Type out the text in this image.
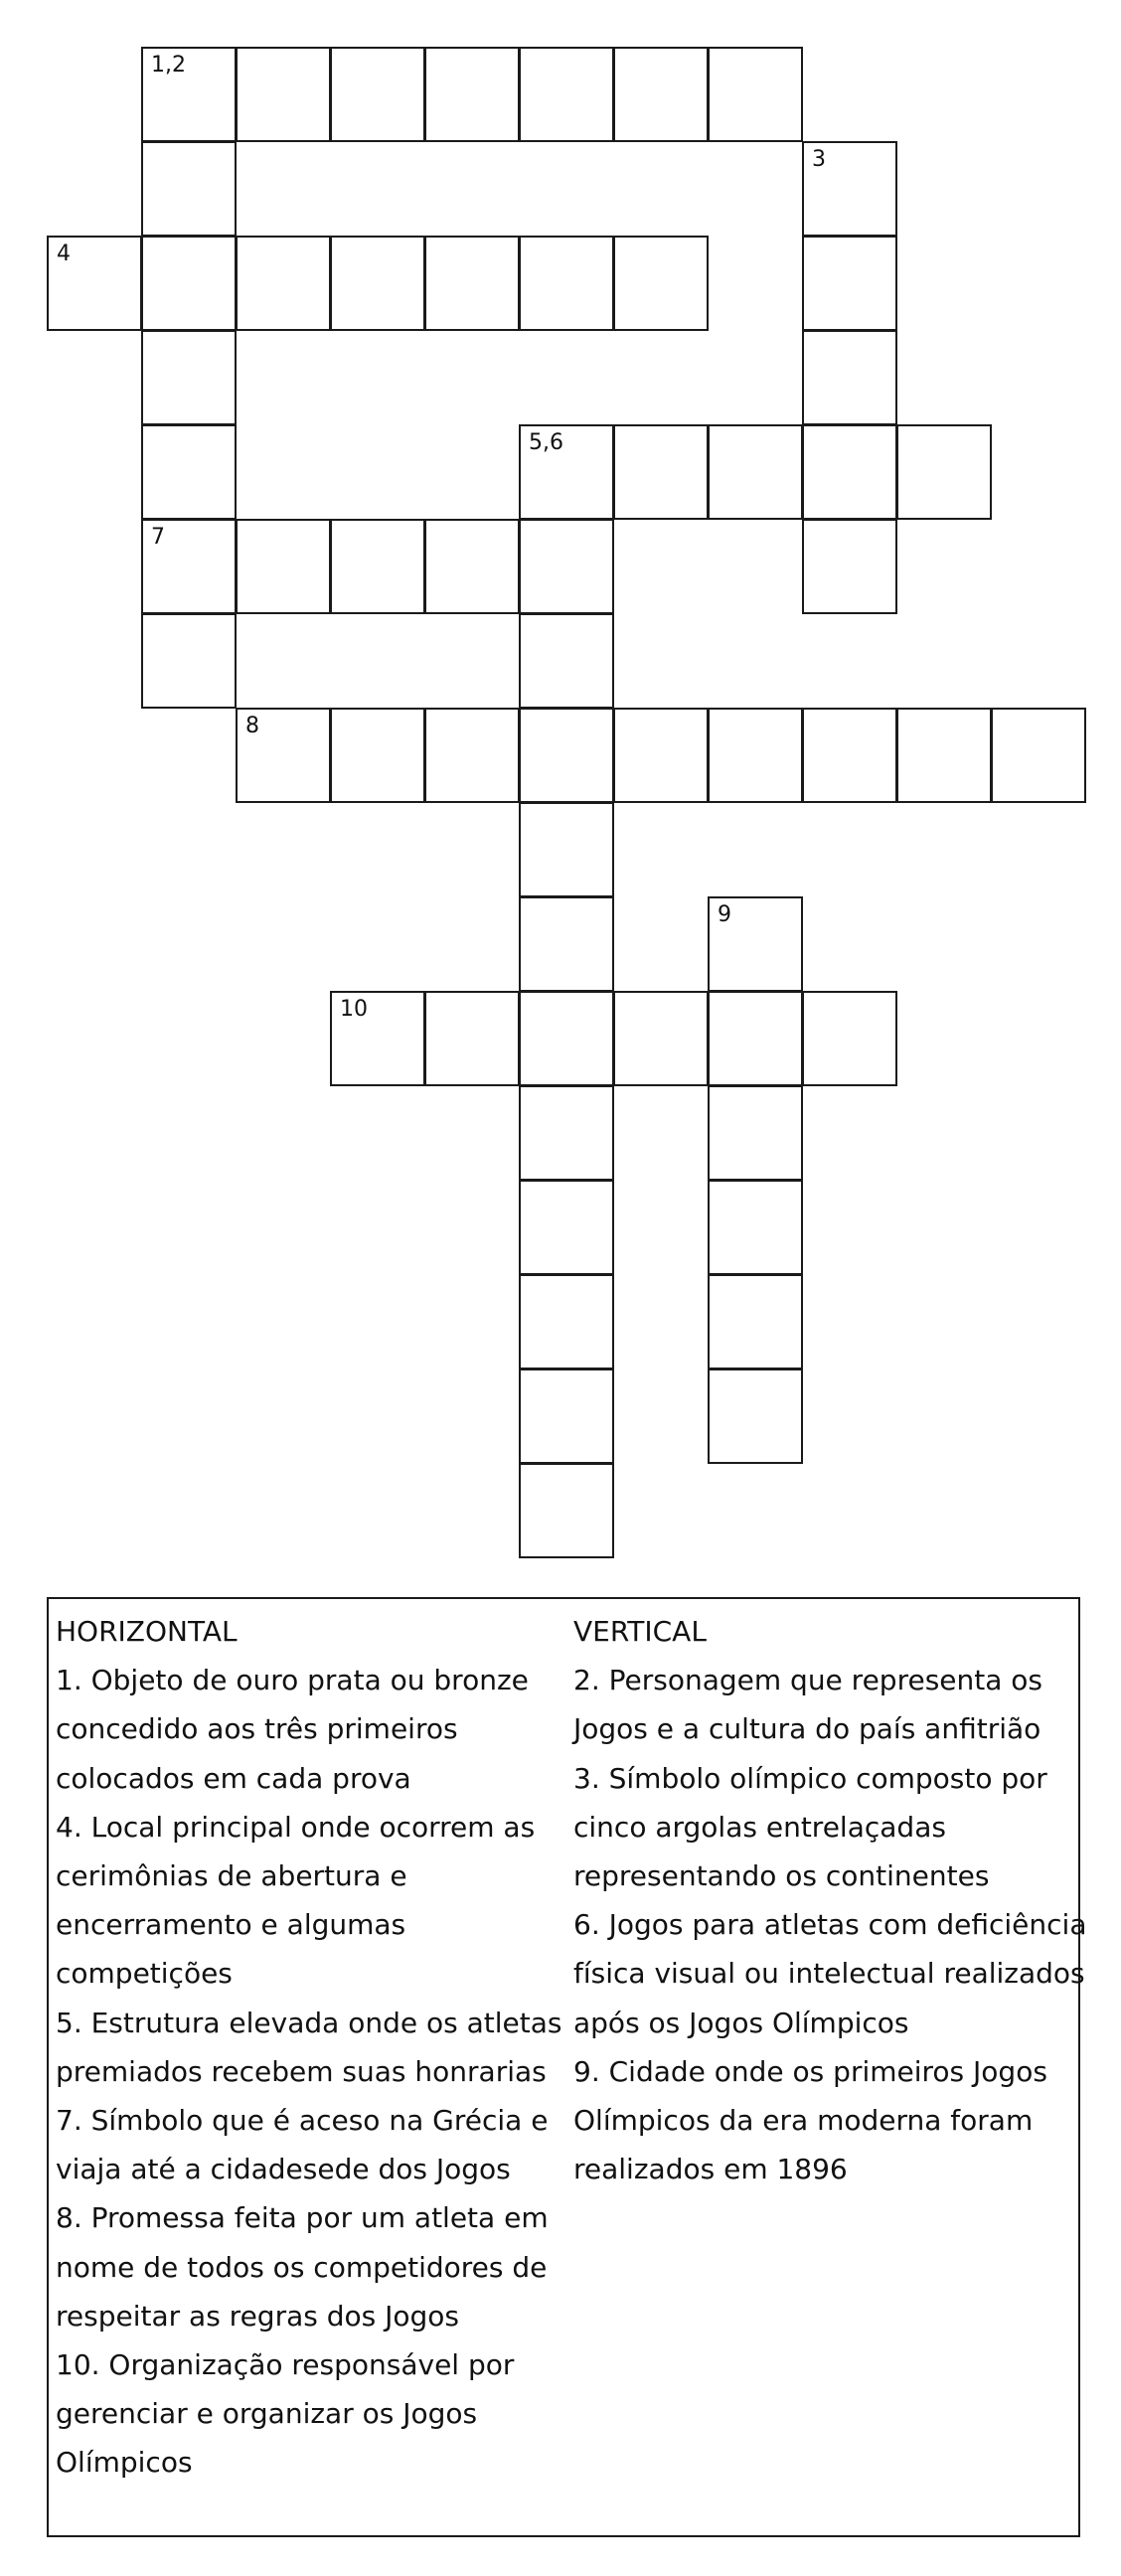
1,2
3
4
5,6
7
8
9
10
HORIZONTAL
1. Objeto de ouro prata ou bronze
concedido aos três primeiros
colocados em cada prova
4. Local principal onde ocorrem as
cerimônias de abertura e
encerramento e algumas
competições
5. Estrutura elevada onde os atletas
premiados recebem suas honrarias
7. Símbolo que é aceso na Grécia e
viaja até a cidadesede dos Jogos
8. Promessa feita por um atleta em
nome de todos os competidores de
respeitar as regras dos Jogos
10. Organização responsável por
gerenciar e organizar os Jogos
Olímpicos
VERTICAL
2. Personagem que representa os
Jogos e a cultura do país anfitrião
3. Símbolo olímpico composto por
cinco argolas entrelaçadas
representando os continentes
6. Jogos para atletas com deficiência
física visual ou intelectual realizados
após os Jogos Olímpicos
9. Cidade onde os primeiros Jogos
Olímpicos da era moderna foram
realizados em 1896
